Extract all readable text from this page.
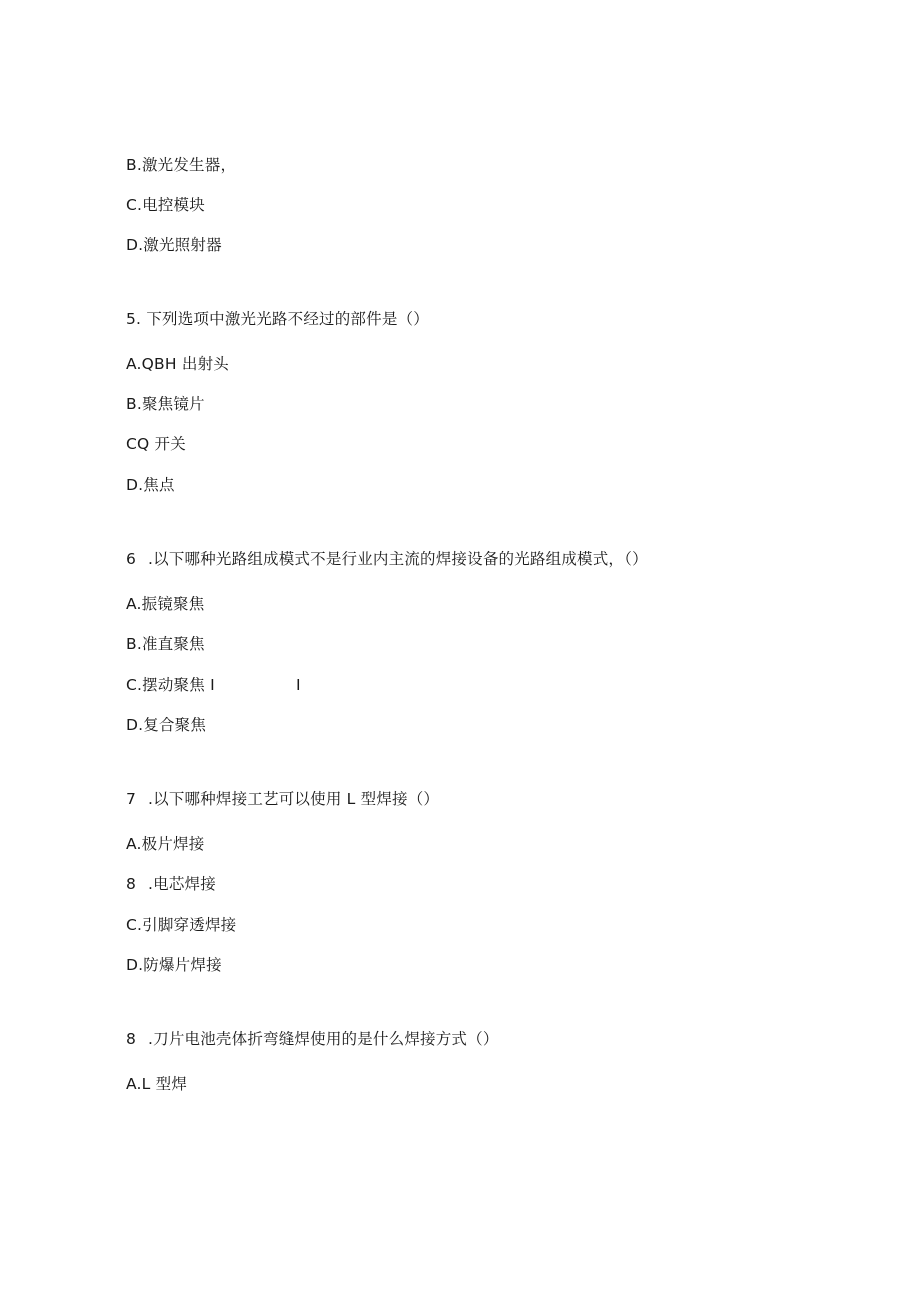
B.激光发生器，
C.电控模块
D.激光照射器
5. 下列选项中激光光路不经过的部件是（）
A.QBH 出射头
B.聚焦镜片
CQ 开关
D.焦点
6 .以下哪种光路组成模式不是行业内主流的焊接设备的光路组成模式，（）
A.振镜聚焦
B.准直聚焦
C.摆动聚焦 I	I
D.复合聚焦
7 .以下哪种焊接工艺可以使用 L 型焊接（）
A.极片焊接
8 .电芯焊接
C.引脚穿透焊接
D.防爆片焊接
8 .刀片电池壳体折弯缝焊使用的是什么焊接方式（）
A.L 型焊
